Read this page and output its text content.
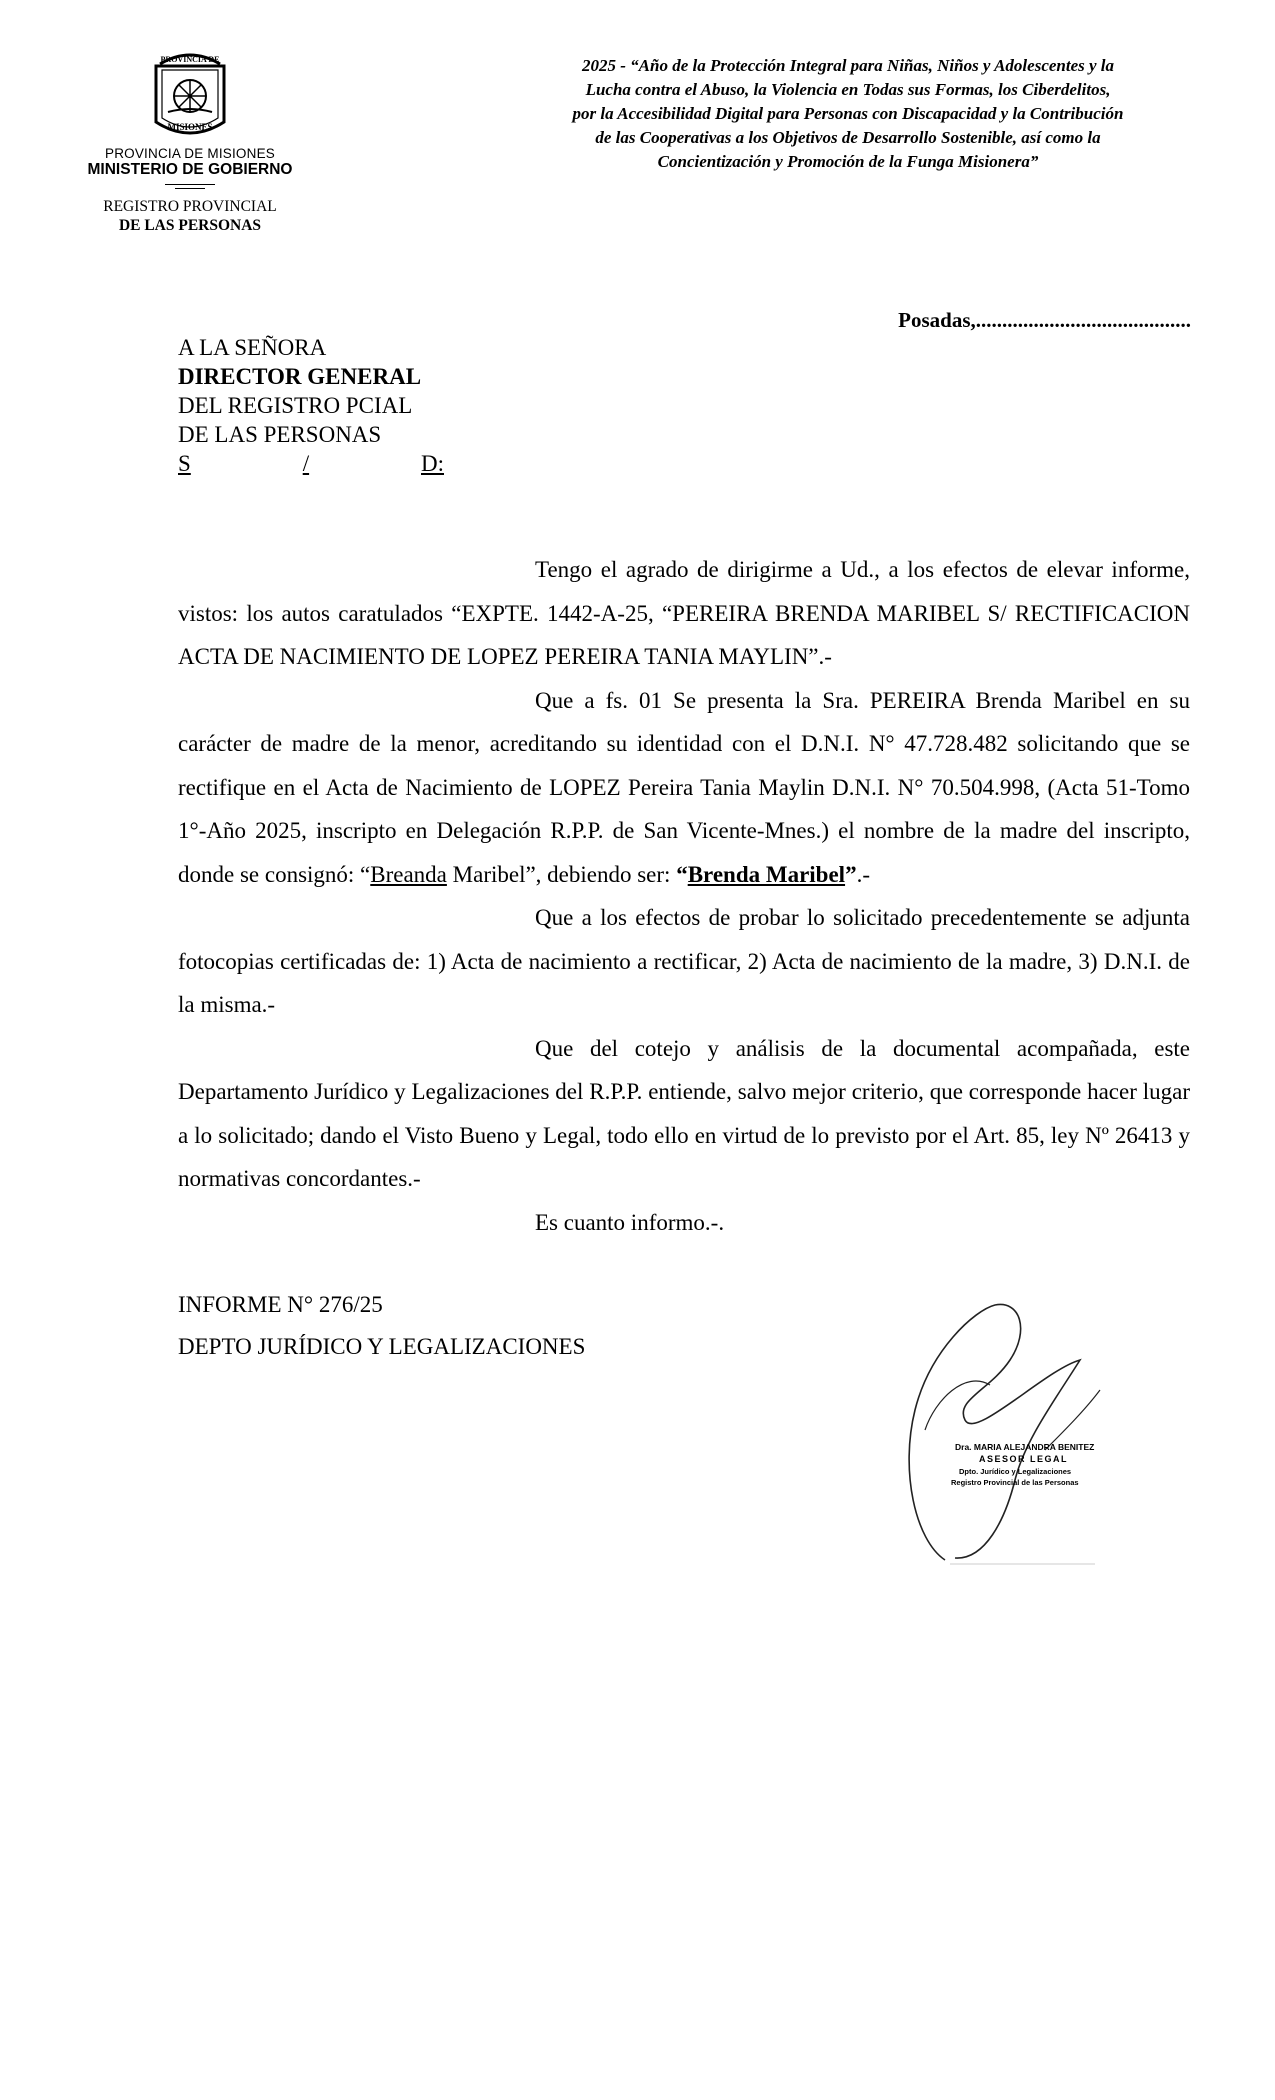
PROVINCIA DE
MISIONES
PROVINCIA DE MISIONES
MINISTERIO DE GOBIERNO
REGISTRO PROVINCIAL
DE LAS PERSONAS
2025 - “Año de la Protección Integral para Niñas, Niños y Adolescentes y la
Lucha contra el Abuso, la Violencia en Todas sus Formas, los Ciberdelitos,
por la Accesibilidad Digital para Personas con Discapacidad y la Contribución
de las Cooperativas a los Objetivos de Desarrollo Sostenible, así como la
Concientización y Promoción de la Funga Misionera”
Posadas,.........................................
A LA SEÑORA
DIRECTOR GENERAL
DEL REGISTRO PCIAL
DE LAS PERSONAS
S	/	D:

Tengo el agrado de dirigirme a Ud., a los efectos de elevar informe, vistos: los autos caratulados “EXPTE. 1442-A-25, “PEREIRA BRENDA MARIBEL S/ RECTIFICACION ACTA DE NACIMIENTO DE LOPEZ PEREIRA TANIA MAYLIN”.-

Que a fs. 01 Se presenta la Sra. PEREIRA Brenda Maribel en su carácter de madre de la menor, acreditando su identidad con el D.N.I. N° 47.728.482 solicitando que se rectifique en el Acta de Nacimiento de LOPEZ Pereira Tania Maylin D.N.I. N° 70.504.998, (Acta 51-Tomo 1°-Año 2025, inscripto en Delegación R.P.P. de San Vicente-Mnes.) el nombre de la madre del inscripto, donde se consignó: “Breanda Maribel”, debiendo ser: “Brenda Maribel”.-

Que a los efectos de probar lo solicitado precedentemente se adjunta fotocopias certificadas de: 1) Acta de nacimiento a rectificar, 2) Acta de nacimiento de la madre, 3) D.N.I. de la misma.-

Que del cotejo y análisis de la documental acompañada, este Departamento Jurídico y Legalizaciones del R.P.P. entiende, salvo mejor criterio, que corresponde hacer lugar a lo solicitado; dando el Visto Bueno y Legal, todo ello en virtud de lo previsto por el Art. 85, ley Nº 26413 y normativas concordantes.-

Es cuanto informo.-.

INFORME N° 276/25
DEPTO JURÍDICO Y LEGALIZACIONES
Dra. MARIA ALEJANDRA BENITEZ
ASESOR LEGAL
Dpto. Jurídico y Legalizaciones
Registro Provincial de las Personas
